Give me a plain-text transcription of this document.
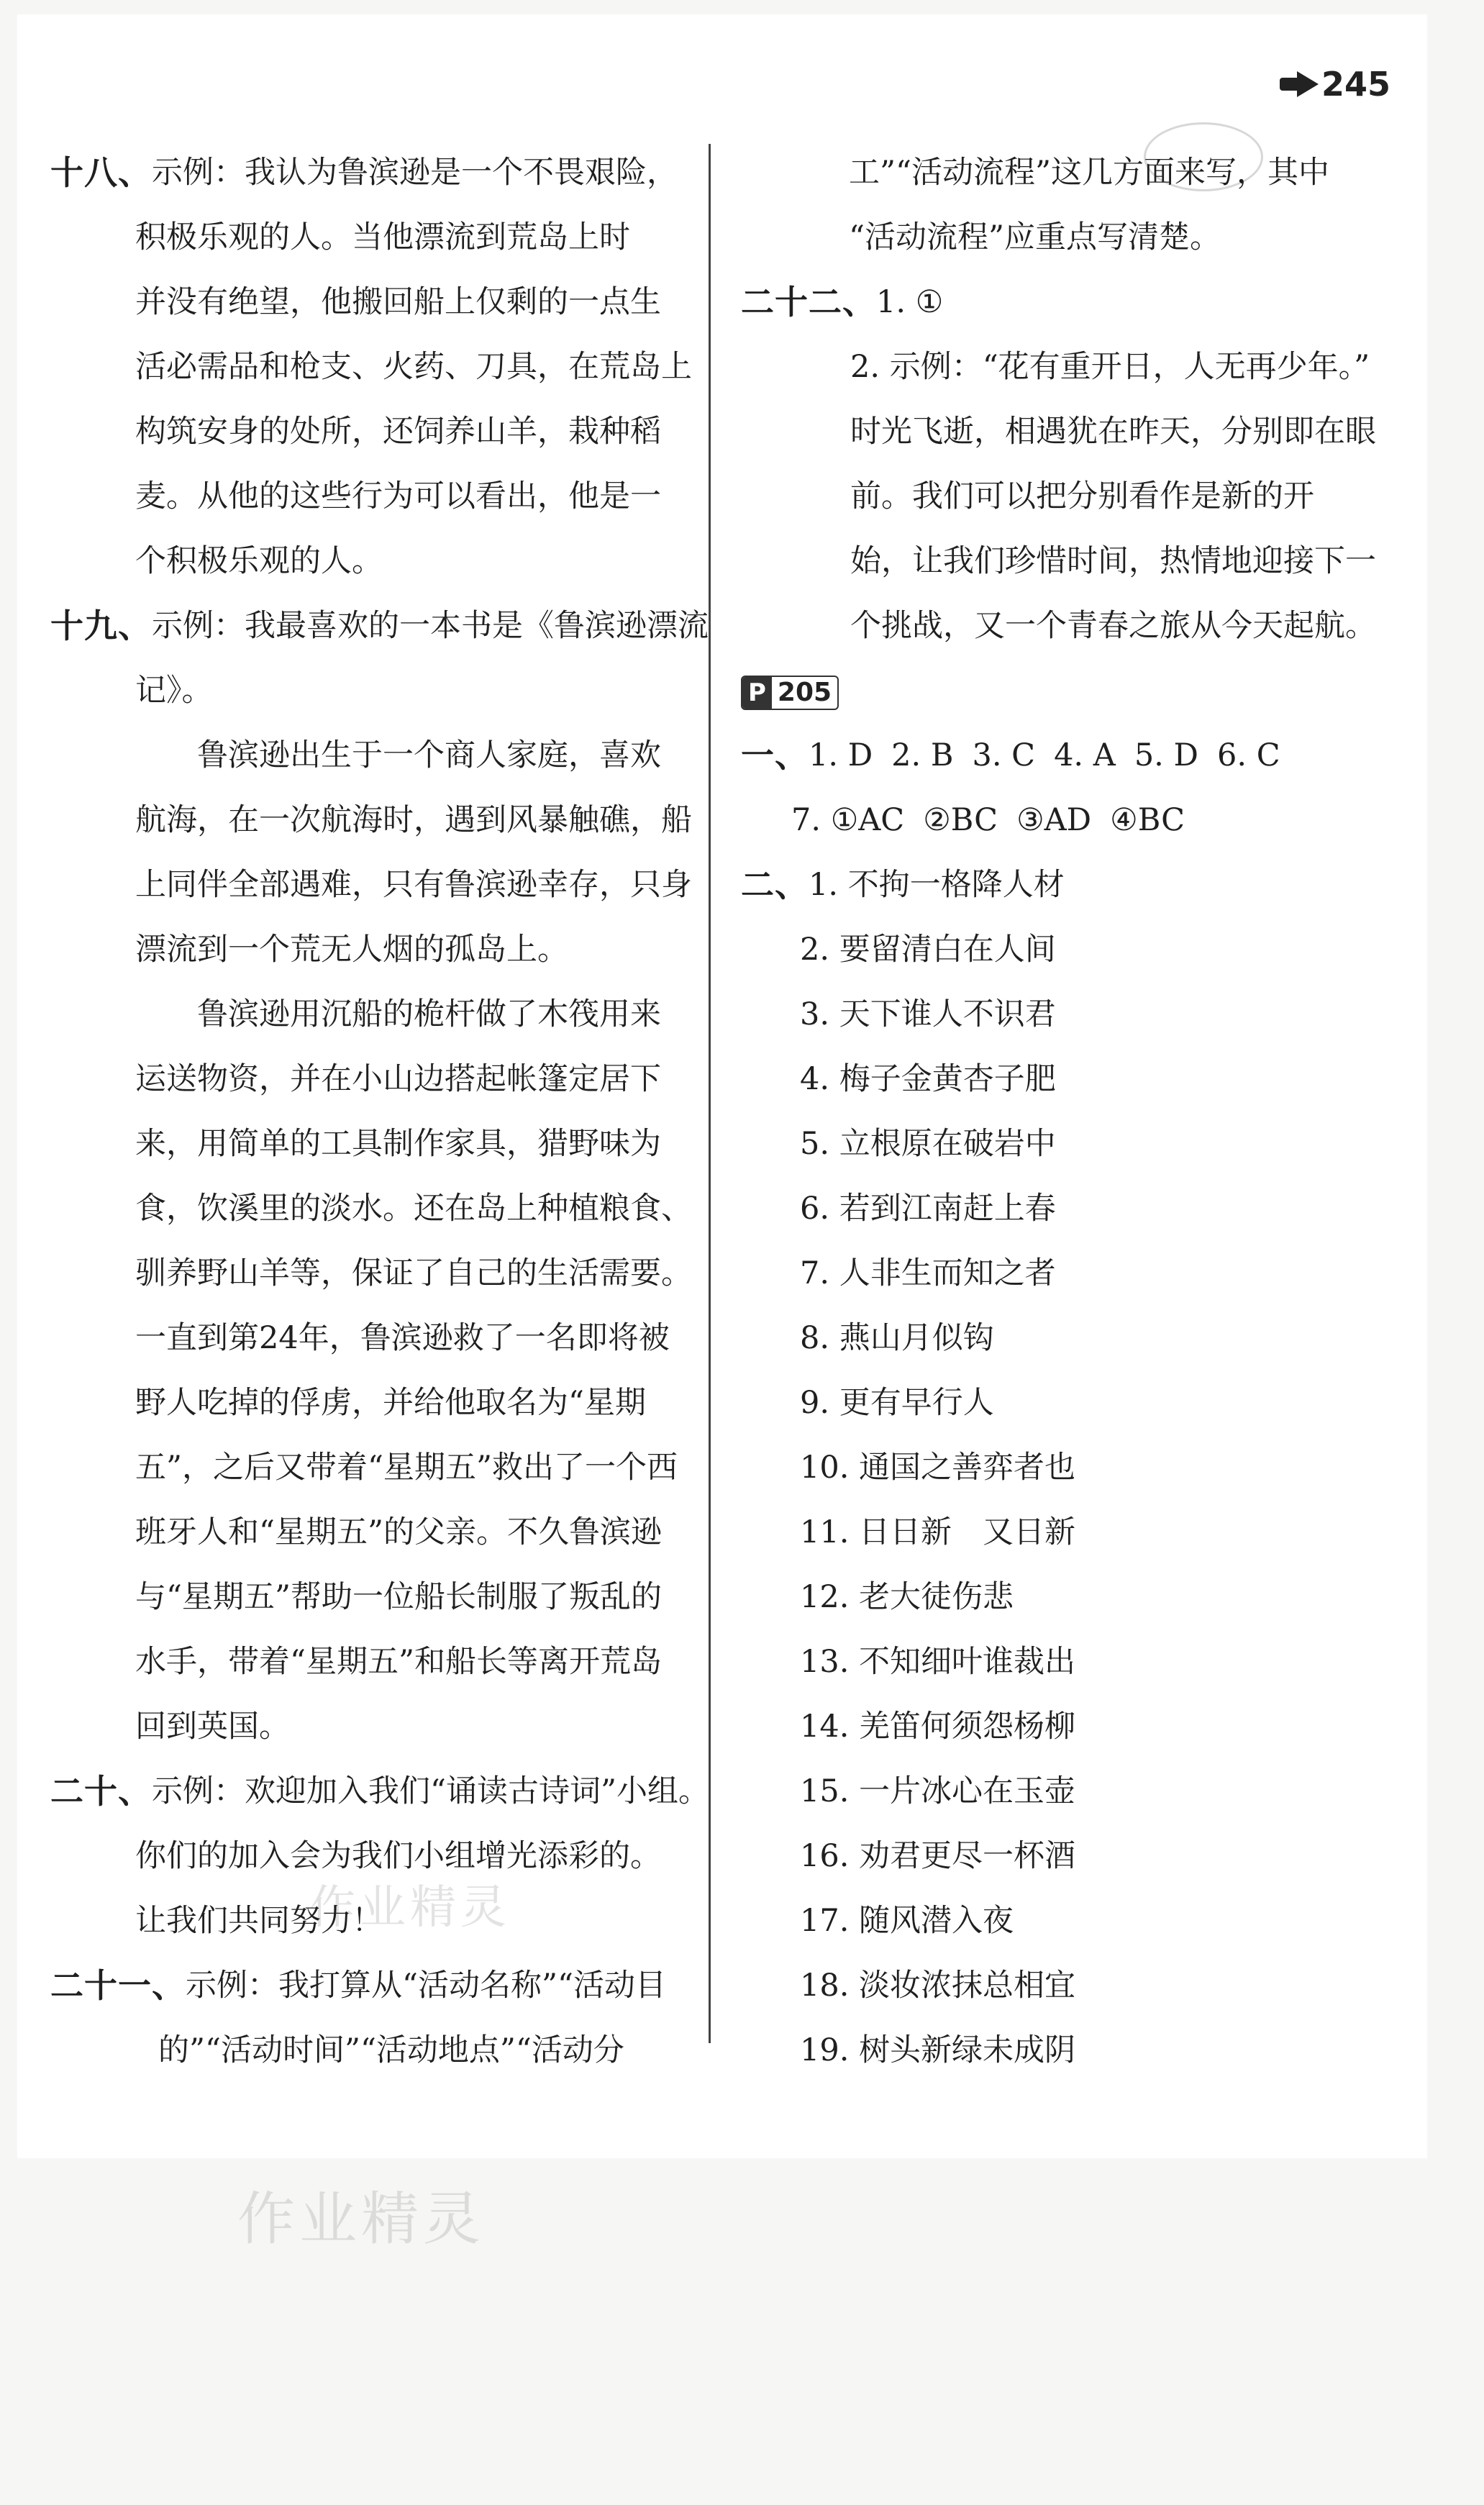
245
作业精灵
作业精灵
十八、 示例：我认为鲁滨逊是一个不畏艰险，
积极乐观的人。当他漂流到荒岛上时
并没有绝望，他搬回船上仅剩的一点生
活必需品和枪支、火药、刀具，在荒岛上
构筑安身的处所，还饲养山羊，栽种稻
麦。从他的这些行为可以看出，他是一
个积极乐观的人。
十九、 示例：我最喜欢的一本书是《鲁滨逊漂流
记》。
鲁滨逊出生于一个商人家庭，喜欢
航海，在一次航海时，遇到风暴触礁，船
上同伴全部遇难，只有鲁滨逊幸存，只身
漂流到一个荒无人烟的孤岛上。
鲁滨逊用沉船的桅杆做了木筏用来
运送物资，并在小山边搭起帐篷定居下
来，用简单的工具制作家具，猎野味为
食，饮溪里的淡水。还在岛上种植粮食、
驯养野山羊等，保证了自己的生活需要。
一直到第24年，鲁滨逊救了一名即将被
野人吃掉的俘虏，并给他取名为“星期
五”，之后又带着“星期五”救出了一个西
班牙人和“星期五”的父亲。不久鲁滨逊
与“星期五”帮助一位船长制服了叛乱的
水手，带着“星期五”和船长等离开荒岛
回到英国。
二十、 示例：欢迎加入我们“诵读古诗词”小组。
你们的加入会为我们小组增光添彩的。
让我们共同努力！
二十一、 示例：我打算从“活动名称”“活动目
的”“活动时间”“活动地点”“活动分
工”“活动流程”这几方面来写，其中
“活动流程”应重点写清楚。
二十二、 1. ①
2. 示例：“花有重开日，人无再少年。”
时光飞逝，相遇犹在昨天，分别即在眼
前。我们可以把分别看作是新的开
始，让我们珍惜时间，热情地迎接下一
个挑战，又一个青春之旅从今天起航。
P 205
一、 1. D 2. B 3. C 4. A 5. D 6. C
7. ①AC ②BC ③AD ④BC
二、 1. 不拘一格降人材
2. 要留清白在人间
3. 天下谁人不识君
4. 梅子金黄杏子肥
5. 立根原在破岩中
6. 若到江南赶上春
7. 人非生而知之者
8. 燕山月似钩
9. 更有早行人
10. 通国之善弈者也
11. 日日新　又日新
12. 老大徒伤悲
13. 不知细叶谁裁出
14. 羌笛何须怨杨柳
15. 一片冰心在玉壶
16. 劝君更尽一杯酒
17. 随风潜入夜
18. 淡妆浓抹总相宜
19. 树头新绿未成阴
